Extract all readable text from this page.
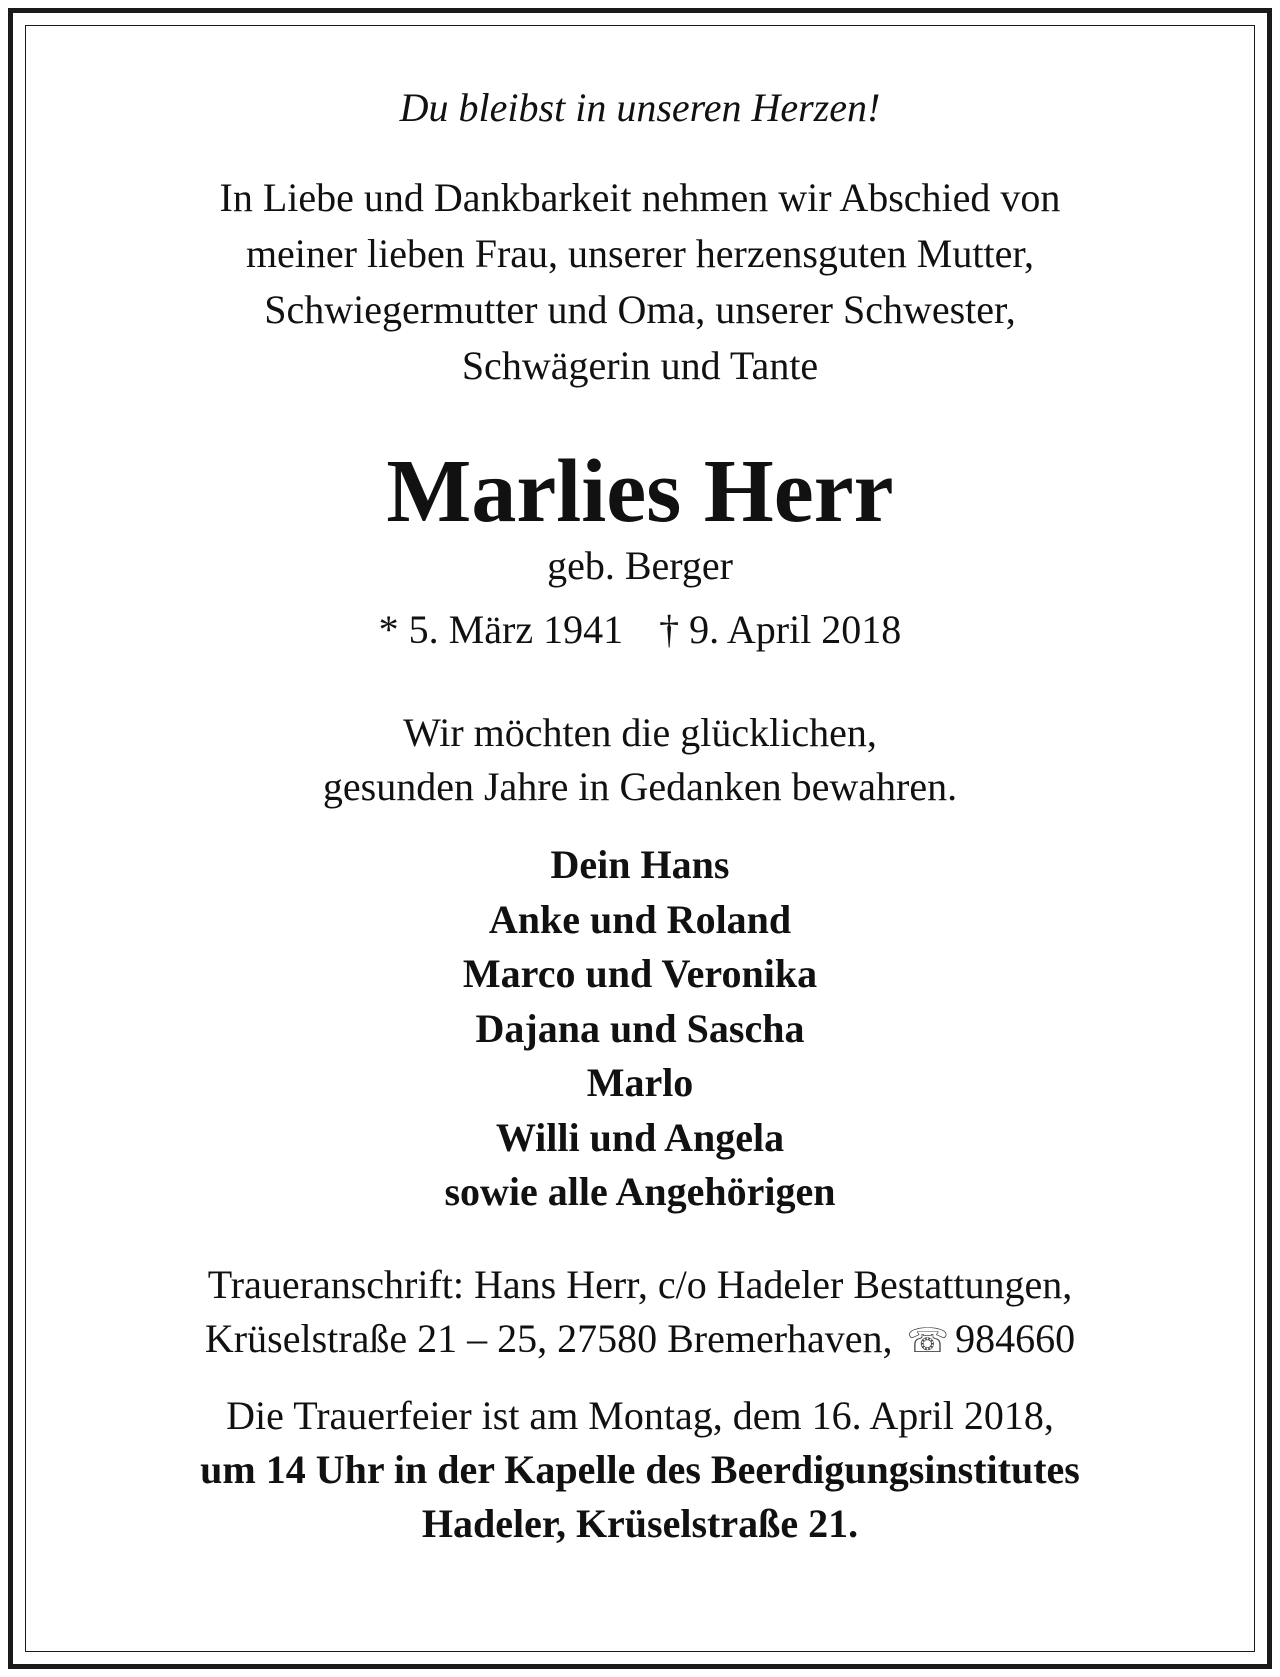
Du bleibst in unseren Herzen!
In Liebe und Dankbarkeit nehmen wir Abschied von
meiner lieben Frau, unserer herzensguten Mutter,
Schwiegermutter und Oma, unserer Schwester,
Schwägerin und Tante
Marlies Herr
geb. Berger
* 5. März 1941 † 9. April 2018
Wir möchten die glücklichen,
gesunden Jahre in Gedanken bewahren.
Dein Hans
Anke und Roland
Marco und Veronika
Dajana und Sascha
Marlo
Willi und Angela
sowie alle Angehörigen
Traueranschrift: Hans Herr, c/o Hadeler Bestattungen,
Krüselstraße 21 – 25, 27580 Bremerhaven, ☏ 984660
Die Trauerfeier ist am Montag, dem 16. April 2018,
um 14 Uhr in der Kapelle des Beerdigungsinstitutes
Hadeler, Krüselstraße 21.
